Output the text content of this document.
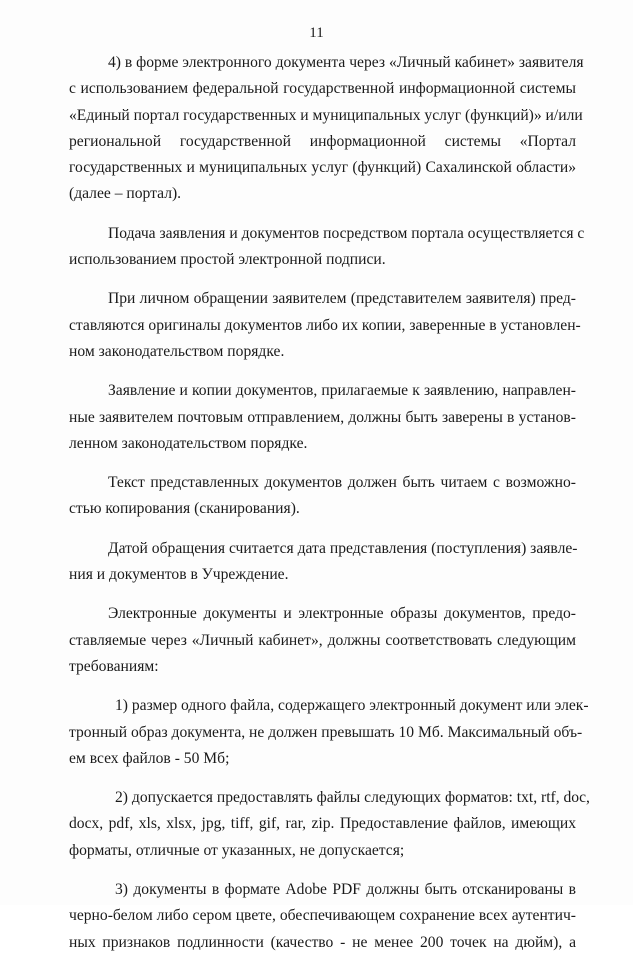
11
4) в форме электронного документа через «Личный кабинет» заявителя
с использованием федеральной государственной информационной системы
«Единый портал государственных и муниципальных услуг (функций)» и/или
региональной государственной информационной системы «Портал
государственных и муниципальных услуг (функций) Сахалинской области»
(далее – портал).
Подача заявления и документов посредством портала осуществляется с
использованием простой электронной подписи.
При личном обращении заявителем (представителем заявителя) пред-
ставляются оригиналы документов либо их копии, заверенные в установлен-
ном законодательством порядке.
Заявление и копии документов, прилагаемые к заявлению, направлен-
ные заявителем почтовым отправлением, должны быть заверены в установ-
ленном законодательством порядке.
Текст представленных документов должен быть читаем с возможно-
стью копирования (сканирования).
Датой обращения считается дата представления (поступления) заявле-
ния и документов в Учреждение.
Электронные документы и электронные образы документов, предо-
ставляемые через «Личный кабинет», должны соответствовать следующим
требованиям:
1) размер одного файла, содержащего электронный документ или элек-
тронный образ документа, не должен превышать 10 Мб. Максимальный объ-
ем всех файлов - 50 Мб;
2) допускается предоставлять файлы следующих форматов: txt, rtf, doc,
docx, pdf, xls, xlsx, jpg, tiff, gif, rar, zip. Предоставление файлов, имеющих
форматы, отличные от указанных, не допускается;
3) документы в формате Adobe PDF должны быть отсканированы в
черно-белом либо сером цвете, обеспечивающем сохранение всех аутентич-
ных признаков подлинности (качество - не менее 200 точек на дюйм), а
